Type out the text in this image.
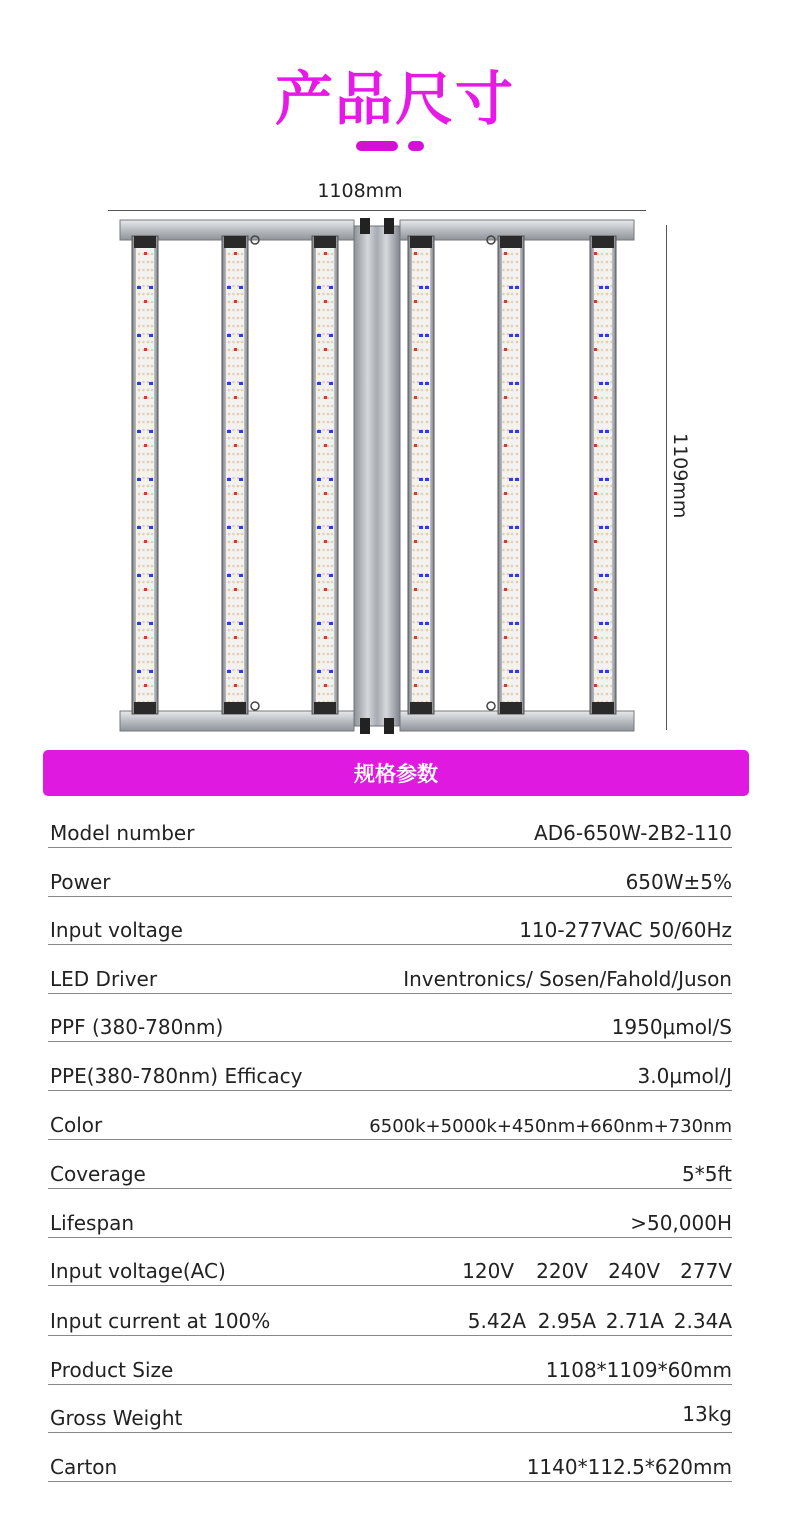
产品尺寸
1108mm
1109mm
规格参数
Model number	AD6-650W-2B2-110
Power	650W±5%
Input voltage	110-277VAC 50/60Hz
LED Driver	Inventronics/ Sosen/Fahold/Juson
PPF (380-780nm)	1950μmol/S
PPE(380-780nm) Efficacy	3.0μmol/J
Color	6500k+5000k+450nm+660nm+730nm
Coverage	5*5ft
Lifespan	>50,000H
Input voltage(AC)	120V	220V	240V	277V
Input current at 100%	5.42A 2.95A 2.71A 2.34A
Product Size	1108*1109*60mm
Gross Weight	13kg
Carton	1140*112.5*620mm
